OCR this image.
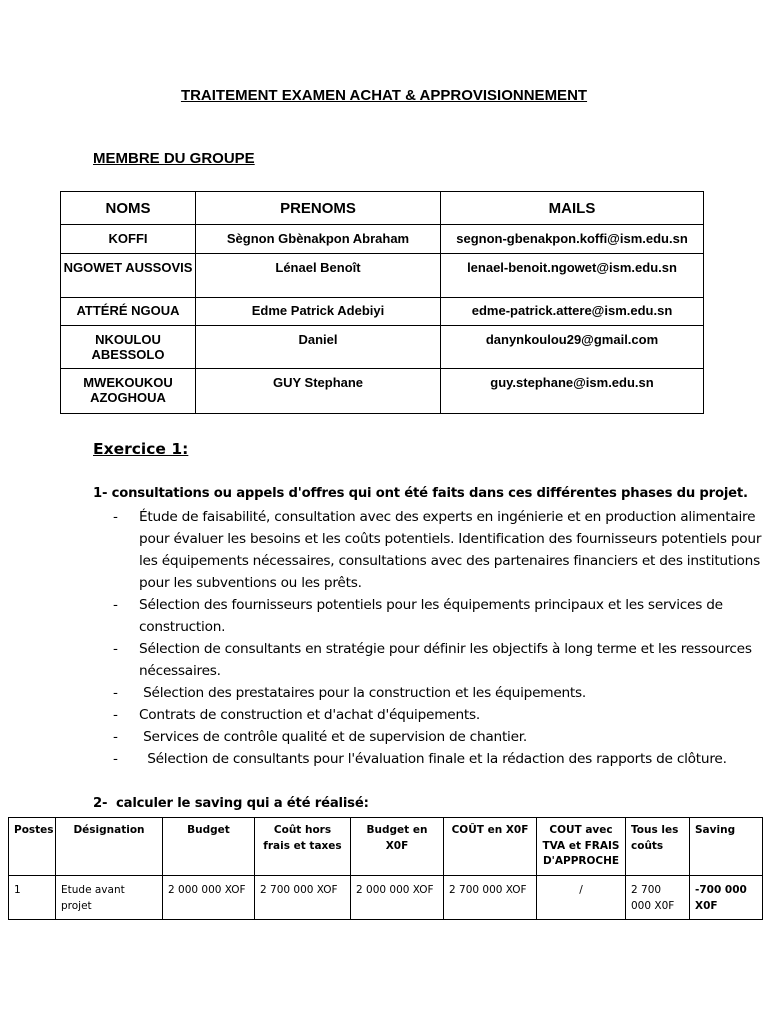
TRAITEMENT EXAMEN ACHAT & APPROVISIONNEMENT
MEMBRE DU GROUPE
NOMS	PRENOMS	MAILS
KOFFI	Sègnon Gbènakpon Abraham	segnon-gbenakpon.koffi@ism.edu.sn
NGOWET AUSSOVIS	Lénael Benoît	lenael-benoit.ngowet@ism.edu.sn
ATTÉRÉ NGOUA	Edme Patrick Adebiyi	edme-patrick.attere@ism.edu.sn
NKOULOU ABESSOLO	Daniel	danynkoulou29@gmail.com
MWEKOUKOU AZOGHOUA	GUY Stephane	guy.stephane@ism.edu.sn
Exercice 1:
1- consultations ou appels d'offres qui ont été faits dans ces différentes phases du projet.
- Étude de faisabilité, consultation avec des experts en ingénierie et en production alimentaire pour évaluer les besoins et les coûts potentiels. Identification des fournisseurs potentiels pour les équipements nécessaires, consultations avec des partenaires financiers et des institutions pour les subventions ou les prêts.
- Sélection des fournisseurs potentiels pour les équipements principaux et les services de construction.
- Sélection de consultants en stratégie pour définir les objectifs à long terme et les ressources nécessaires.
- Sélection des prestataires pour la construction et les équipements.
- Contrats de construction et d'achat d'équipements.
- Services de contrôle qualité et de supervision de chantier.
- Sélection de consultants pour l'évaluation finale et la rédaction des rapports de clôture.
2-  calculer le saving qui a été réalisé:
Postes	Désignation	Budget	Coût hors frais et taxes	Budget en X0F	COÛT en X0F	COUT avec TVA et FRAIS D'APPROCHE	Tous les coûts	Saving
1	Etude avant projet	2 000 000 XOF	2 700 000 XOF	2 000 000 XOF	2 700 000 XOF	/	2 700 000 X0F	-700 000 X0F
